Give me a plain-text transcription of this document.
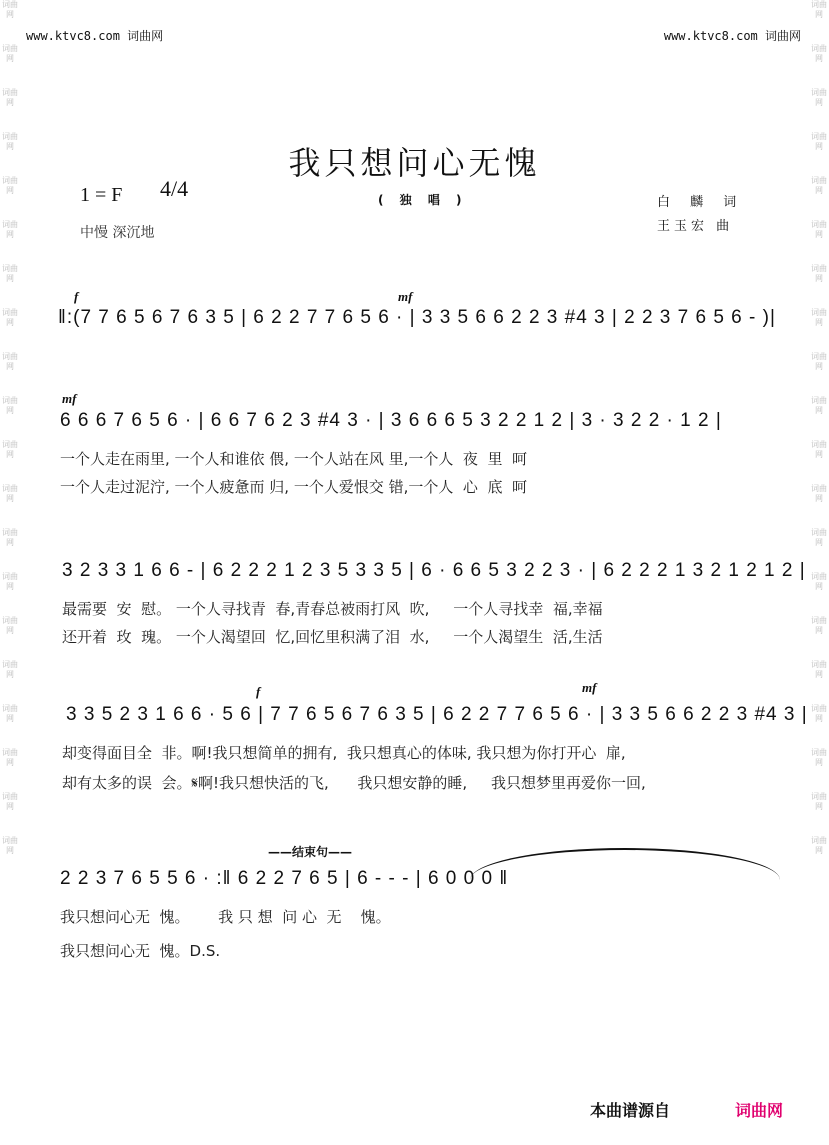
词曲网
词曲网
词曲网
词曲网
词曲网
词曲网
词曲网
词曲网
词曲网
词曲网
词曲网
词曲网
词曲网
词曲网
词曲网
词曲网
词曲网
词曲网
词曲网
词曲网
词曲网
词曲网
词曲网
词曲网
词曲网
词曲网
词曲网
词曲网
词曲网
词曲网
词曲网
词曲网
词曲网
词曲网
词曲网
词曲网
词曲网
词曲网
词曲网
词曲网
www.ktvc8.com 词曲网	www.ktvc8.com 词曲网
我只想问心无愧
1 = F 4/4
中慢 深沉地
( 独 唱 )	白 麟 词
王玉宏 曲
f	mf
‖:(7 7 6 5 6 7 6 3 5 | 6 2 2 7 7 6 5 6 · | 3 3 5 6 6 2 2 3 #4 3 | 2 2 3 7 6 5 6 - )|
mf
6 6 6 7 6 5 6 · | 6 6 7 6 2 3 #4 3 · | 3 6 6 6 5 3 2 2 1 2 | 3 · 3 2 2 · 1 2 |
一个人走在雨里, 一个人和谁依 偎, 一个人站在风 里,一个人  夜  里  呵
一个人走过泥泞, 一个人疲惫而 归, 一个人爱恨交 错,一个人  心  底  呵
3 2 3 3 1 6 6 - | 6 2 2 2 1 2 3 5 3 3 5 | 6 · 6 6 5 3 2 2 3 · | 6 2 2 2 1 3 2 1 2 1 2 |
最需要  安  慰。 一个人寻找青  春,青春总被雨打风  吹,     一个人寻找幸  福,幸福
还开着  玫  瑰。 一个人渴望回  忆,回忆里积满了泪  水,     一个人渴望生  活,生活
f	mf
3 3 5 2 3 1 6 6 · 5 6 | 7 7 6 5 6 7 6 3 5 | 6 2 2 7 7 6 5 6 · | 3 3 5 6 6 2 2 3 #4 3 |
却变得面目全  非。啊!我只想简单的拥有,  我只想真心的体味, 我只想为你打开心  扉,
却有太多的误  会。𝄋啊!我只想快活的飞,      我只想安静的睡,     我只想梦里再爱你一回,
——结束句——
2 2 3 7 6 5 5 6 · :‖ 6 2 2 7 6 5 | 6 - - - | 6 0 0 0 ‖
我只想问心无  愧。      我 只 想  问 心  无    愧。
我只想问心无  愧。D.S.
本曲谱源自	词曲网
